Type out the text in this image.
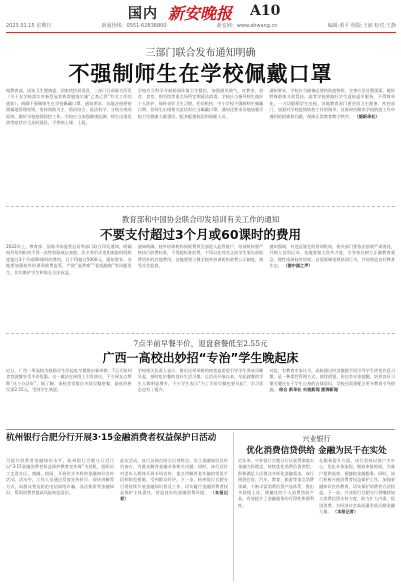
国内 新安晚报 A10
2023.01.15 星期日	新闻热线：0551-62836800	新安网：www.ahwang.cn	编辑:黄平 组版:王丽 校对:王静
三部门联合发布通知明确
不强制师生在学校佩戴口罩
据教育部、国家卫生健康委、国家疾控局消息，三部门日前联合印发《关于在学校落实对新型冠状病毒感染实施“乙类乙管”有关工作的通知》，明确不强制师生在学校佩戴口罩。通知要求，各地各校要按照属地管理原则，坚持预防为主、防治结合、依法科学、分级分类的原则，做好学校疫情防控工作。学校应当加强健康监测，师生出现发热等症状应当及时就医，不带病上课、上班。
学校应当科学开展校园环境卫生整治，加强通风换气，对教室、宿舍、食堂、图书馆等重点场所定期清洁消毒。学校应当指导师生做好个人防护，保持良好卫生习惯。托幼机构、中小学校不强制师生佩戴口罩，但师生出现相关症状时应当佩戴口罩。通知还要求各地加强学校卫生健康力量建设，配齐配强校医和保健人员。
通知要求，学校应当储备必要的防疫物资，完善应急处置预案，做好特殊群体关爱帮扶。高等学校要做好学生返校返乡服务，不得简单化、一刀切限制学生出校。各地教育部门要会同卫生健康、疾控部门，加强对学校疫情防控工作的指导，及时研究解决学校防疫工作中遇到的困难和问题，保障正常教育教学秩序。 （据新华社）
教育部和中国协会联合印发培训有关工作的通知
不要支付超过3个月或60课时的费用
2022年上，教育部、国家市场监管总局等部门联合印发通知，明确校外培训机构不得一次性收取或以充值、次卡等形式变相收取时间跨度超过3个月或60课时的费用，且不得超过5000元。通知要求，各地要加强校外培训预收费监管，严防“退费难”“卷钱跑路”等问题发生，切实维护学生和家长合法权益。
通知明确，校外培训机构预收费须全部进入监管账户，培训机构要严格执行收费标准，不得超标准收费，不得以任何名义向学生家长收取费用外的其他费用。各地要建立健全校外培训机构收费公示制度，接受社会监督。
通知强调，对违反规定的培训机构，相关部门要依法依规严肃查处，并纳入信用记录。各地要加大宣传力度，引导家长树立正确教育观念，理性选择校外培训，自觉抵制违规培训行为，共同营造良好教育生态。 （据中国之声）
7点半前早餐半价，退盘套餐低至2.55元
广西一高校出妙招“专治”学生晚起床
近日，广西一所高校为鼓励学生早起吃早餐推出新举措：7点半前到食堂就餐享受半价优惠。这一做法在网络上引发热议，不少网友点赞称“这个办法好”。据了解，该校食堂推出多款早餐套餐，最低价格仅需2.55元，受到学生欢迎。
学校相关负责人表示，推出这项举措的初衷是希望引导学生养成早睡早起、按时吃早餐的良好生活习惯。自活动开展以来，早起就餐的学生人数明显增多，不少学生表示“为了半价早餐也要早起”，学习状态也有了提升。
对此，有教育专家认为，高校通过经济激励手段引导学生改变作息习惯，是一种柔性管理方式，值得借鉴。但也有专家提醒，培养良好习惯关键还在于学生自身的自律意识，学校还需要配合更多教育引导措施。 综合 新华社 央视新闻 澎湃新闻
杭州银行合肥分行开展3·15金融消费者权益保护日活动
为提升消费者金融知识水平，杭州银行合肥分行近日以“3·15金融消费者权益保护教育宣传周”为契机，组织员工走进社区、商圈、校园，开展形式多样的金融知识宣传活动。活动中，工作人员通过发放宣传折页、现场讲解等方式，向群众普及防范电信网络诈骗、非法集资等金融知识，帮助消费者提高风险防范意识。
此次活动，该行各网点结合自身特点，设立金融知识宣传咨询台，为群众解答金融业务相关问题。同时，该行还针对老年人群体开展专场宣传，重点讲解养老诈骗的常见手段和防范措施，受到群众好评。下一步，杭州银行合肥分行将持续开展金融知识普及工作，切实履行金融消费者权益保护主体责任，营造良好的金融消费环境。 （本报记者）
兴业银行
优化消费信贷供给 金融为民千在实处
近年来，兴业银行合肥分行认真贯彻落实金融为民理念，持续优化消费信贷供给，积极满足人民群众多样化金融需求。该行围绕住房、汽车、教育、旅游等重点消费领域，不断丰富消费信贷产品体系，推出多款线上化、便捷化的个人消费贷款产品，有效提升了金融服务的可得性和便利性。
在服务提升方面，该行坚持以客户为中心，优化业务流程，缩短审批时间，为客户提供高效、便捷的金融服务。同时，该行积极开展消费者权益保护工作，加强金融知识宣传教育，切实保护消费者合法权益。下一步，兴业银行合肥分行将继续加大消费信贷支持力度，助力扩大内需、促进消费，为经济社会高质量发展贡献金融力量。 （本报记者）
